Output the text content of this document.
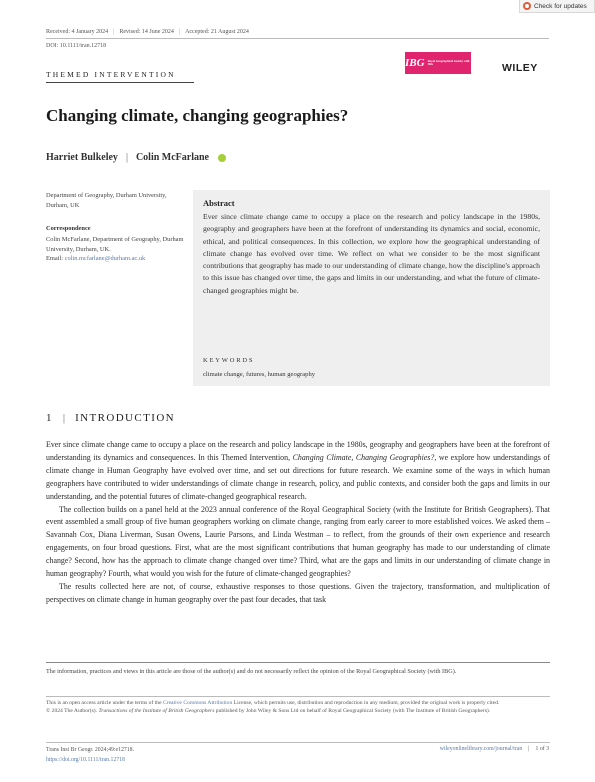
Check for updates
Received: 4 January 2024 | Revised: 14 June 2024 | Accepted: 21 August 2024
DOI: 10.1111/tran.12718
THEMED INTERVENTION
IBG Royal Geographical Society with IBG	WILEY
Changing climate, changing geographies?
Harriet Bulkeley | Colin McFarlane
Department of Geography, Durham University, Durham, UK
Correspondence
Colin McFarlane, Department of Geography, Durham University, Durham, UK.
Email: colin.mcfarlane@durham.ac.uk
Abstract
Ever since climate change came to occupy a place on the research and policy landscape in the 1980s, geography and geographers have been at the forefront of understanding its dynamics and social, economic, ethical, and political consequences. In this collection, we explore how the geographical understanding of climate change has evolved over time. We reflect on what we consider to be the most significant contributions that geography has made to our understanding of climate change, how the discipline's approach to this issue has changed over time, the gaps and limits in our understanding, and what the future of climate-changed geographies might be.
KEYWORDS
climate change, futures, human geography
1 | INTRODUCTION

Ever since climate change came to occupy a place on the research and policy landscape in the 1980s, geography and geographers have been at the forefront of understanding its dynamics and consequences. In this Themed Intervention, Changing Climate, Changing Geographies?, we explore how understandings of climate change in Human Geography have evolved over time, and set out directions for future research. We examine some of the ways in which human geographers have contributed to wider understandings of climate change in research, policy, and public contexts, and consider both the gaps and limits in our understanding, and the potential futures of climate-changed geographical research.

The collection builds on a panel held at the 2023 annual conference of the Royal Geographical Society (with the Institute for British Geographers). That event assembled a small group of five human geographers working on climate change, ranging from early career to more established voices. We asked them – Savannah Cox, Diana Liverman, Susan Owens, Laurie Parsons, and Linda Westman – to reflect, from the grounds of their own experience and research engagements, on four broad questions. First, what are the most significant contributions that human geography has made to our understanding of climate change? Second, how has the approach to climate change changed over time? Third, what are the gaps and limits in our understanding of climate change in human geography? Fourth, what would you wish for the future of climate-changed geographies?

The results collected here are not, of course, exhaustive responses to those questions. Given the trajectory, transformation, and multiplication of perspectives on climate change in human geography over the past four decades, that task

The information, practices and views in this article are those of the author(s) and do not necessarily reflect the opinion of the Royal Geographical Society (with IBG).
This is an open access article under the terms of the Creative Commons Attribution License, which permits use, distribution and reproduction in any medium, provided the original work is properly cited.
© 2024 The Author(s). Transactions of the Institute of British Geographers published by John Wiley & Sons Ltd on behalf of Royal Geographical Society (with The Institute of British Geographers).
Trans Inst Br Geogr. 2024;49:e12718.
https://doi.org/10.1111/tran.12718
wileyonlinelibrary.com/journal/tran | 1 of 3
